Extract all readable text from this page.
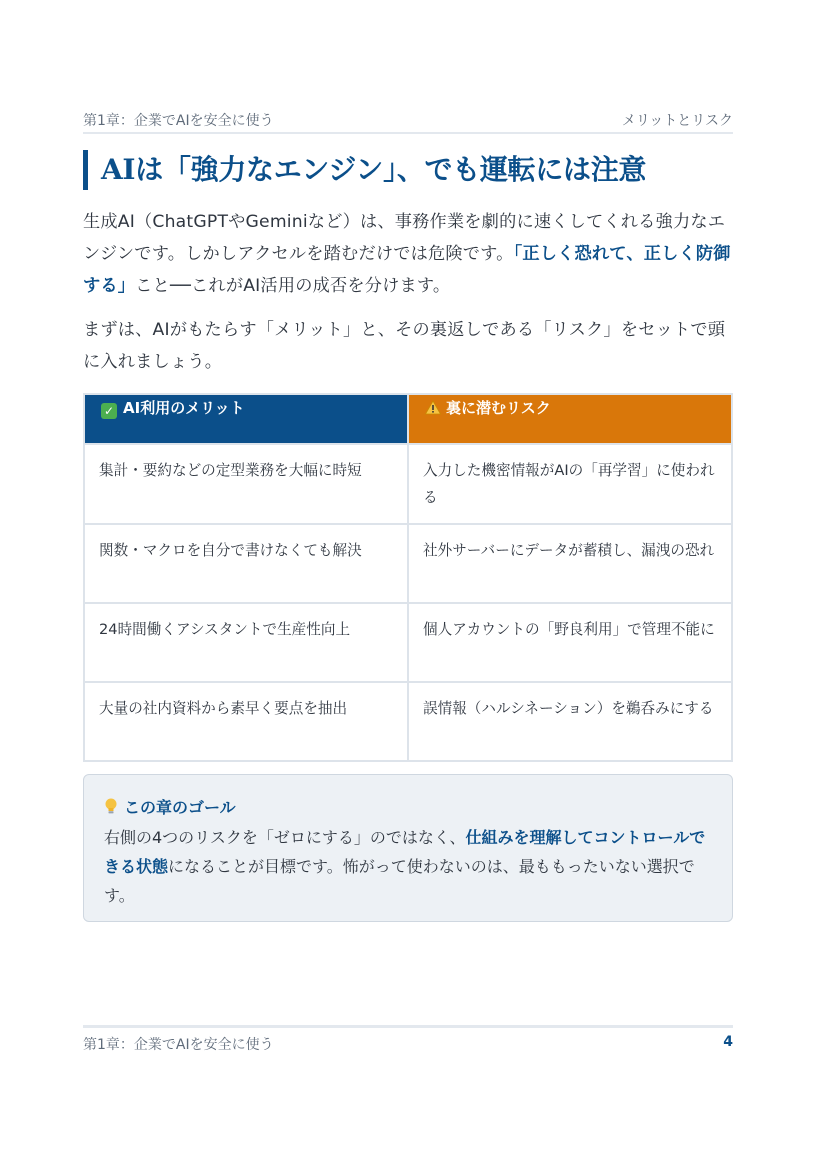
第1章：企業でAIを安全に使う	メリットとリスク
AIは「強力なエンジン」、でも運転には注意
生成AI（ChatGPTやGeminiなど）は、事務作業を劇的に速くしてくれる強力なエンジンです。しかしアクセルを踏むだけでは危険です。「正しく恐れて、正しく防御する」こと──これがAI活用の成否を分けます。
まずは、AIがもたらす「メリット」と、その裏返しである「リスク」をセットで頭に入れましょう。
✓ AI利用のメリット	裏に潜むリスク
集計・要約などの定型業務を大幅に時短	入力した機密情報がAIの「再学習」に使われる
関数・マクロを自分で書けなくても解決	社外サーバーにデータが蓄積し、漏洩の恐れ
24時間働くアシスタントで生産性向上	個人アカウントの「野良利用」で管理不能に
大量の社内資料から素早く要点を抽出	誤情報（ハルシネーション）を鵜呑みにする
この章のゴール
右側の4つのリスクを「ゼロにする」のではなく、仕組みを理解してコントロールできる状態になることが目標です。怖がって使わないのは、最ももったいない選択です。
第1章：企業でAIを安全に使う	4
